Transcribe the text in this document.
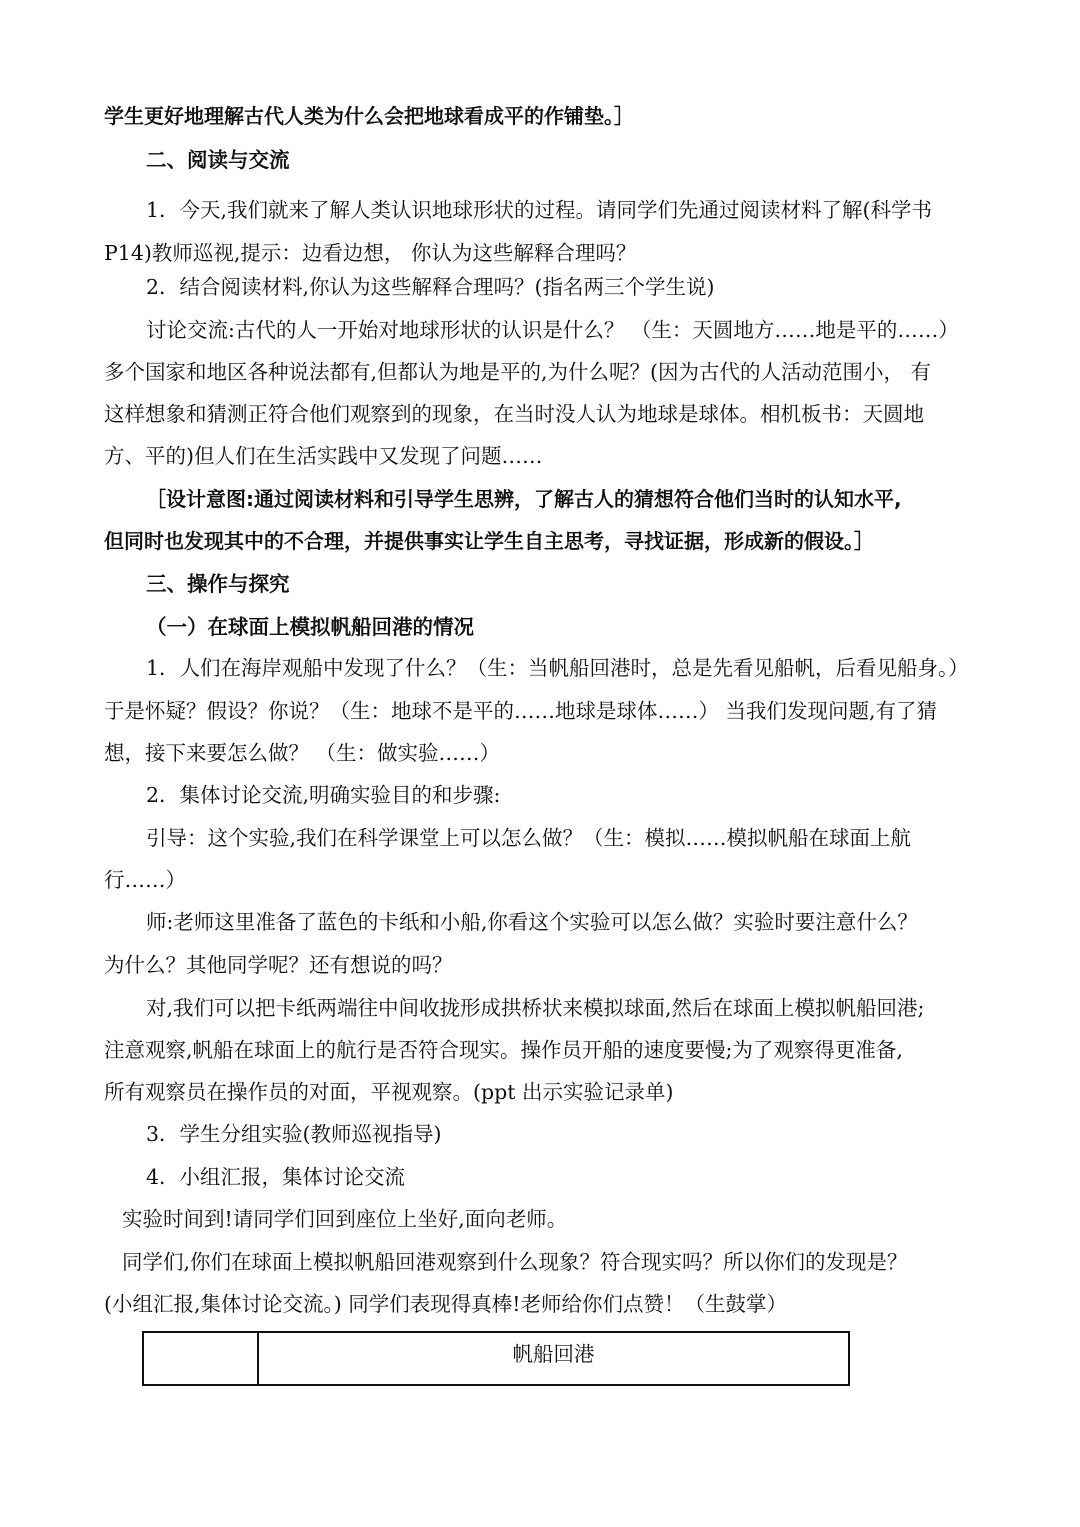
学生更好地理解古代人类为什么会把地球看成平的作铺垫。］
二、阅读与交流
1．今天,我们就来了解人类认识地球形状的过程。请同学们先通过阅读材料了解(科学书
P14)教师巡视,提示：边看边想， 你认为这些解释合理吗？
2．结合阅读材料,你认为这些解释合理吗？(指名两三个学生说)
讨论交流:古代的人一开始对地球形状的认识是什么？ （生：天圆地方……地是平的……）
多个国家和地区各种说法都有,但都认为地是平的,为什么呢？(因为古代的人活动范围小， 有
这样想象和猜测正符合他们观察到的现象，在当时没人认为地球是球体。相机板书：天圆地
方、平的)但人们在生活实践中又发现了问题……
［设计意图:通过阅读材料和引导学生思辨，了解古人的猜想符合他们当时的认知水平,
但同时也发现其中的不合理，并提供事实让学生自主思考，寻找证据，形成新的假设。］
三、操作与探究
（一）在球面上模拟帆船回港的情况
1．人们在海岸观船中发现了什么？（生：当帆船回港时，总是先看见船帆，后看见船身。）
于是怀疑？假设？你说？（生：地球不是平的……地球是球体……） 当我们发现问题,有了猜
想，接下来要怎么做？ （生：做实验……）
2．集体讨论交流,明确实验目的和步骤:
引导：这个实验,我们在科学课堂上可以怎么做？（生：模拟……模拟帆船在球面上航
行……）
师:老师这里准备了蓝色的卡纸和小船,你看这个实验可以怎么做？实验时要注意什么？
为什么？其他同学呢？还有想说的吗？
对,我们可以把卡纸两端往中间收拢形成拱桥状来模拟球面,然后在球面上模拟帆船回港;
注意观察,帆船在球面上的航行是否符合现实。操作员开船的速度要慢;为了观察得更准备,
所有观察员在操作员的对面，平视观察。(ppt 出示实验记录单)
3．学生分组实验(教师巡视指导)
4．小组汇报，集体讨论交流
实验时间到!请同学们回到座位上坐好,面向老师。
同学们,你们在球面上模拟帆船回港观察到什么现象？符合现实吗？所以你们的发现是？
(小组汇报,集体讨论交流。) 同学们表现得真棒!老师给你们点赞！（生鼓掌）
帆船回港
